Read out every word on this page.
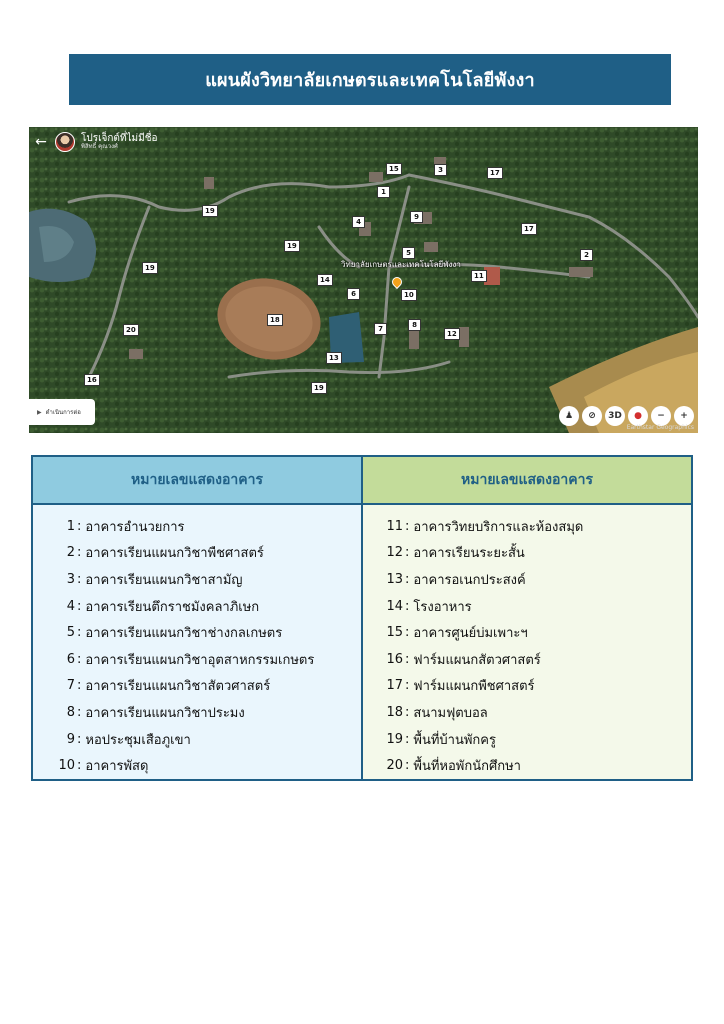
แผนผังวิทยาลัยเกษตรและเทคโนโลยีพังงา
←	โปรเจ็กต์ที่ไม่มีชื่อ
พิสิทธิ์ คุณวงศ์
15	3	17
1
19
9
4
17
19
2
5
19
11
14
6
18
7	8
12
20
13
16
19
10
วิทยาลัยเกษตรและเทคโนโลยีพังงา
▶ ดำเนินการต่อ	♟	⊘	3D	●	−	+
Earthstar Geographics
หมายเลขแสดงอาคาร
1 : อาคารอำนวยการ
2 : อาคารเรียนแผนกวิชาพืชศาสตร์
3 : อาคารเรียนแผนกวิชาสามัญ
4 : อาคารเรียนตึกราชมังคลาภิเษก
5 : อาคารเรียนแผนกวิชาช่างกลเกษตร
6 : อาคารเรียนแผนกวิชาอุตสาหกรรมเกษตร
7 : อาคารเรียนแผนกวิชาสัตวศาสตร์
8 : อาคารเรียนแผนกวิชาประมง
9 : หอประชุมเสือภูเขา
10 : อาคารพัสดุ
หมายเลขแสดงอาคาร
11 : อาคารวิทยบริการและห้องสมุด
12 : อาคารเรียนระยะสั้น
13 : อาคารอเนกประสงค์
14 : โรงอาหาร
15 : อาคารศูนย์บ่มเพาะฯ
16 : ฟาร์มแผนกสัตวศาสตร์
17 : ฟาร์มแผนกพืชศาสตร์
18 : สนามฟุตบอล
19 : พื้นที่บ้านพักครู
20 : พื้นที่หอพักนักศึกษา
